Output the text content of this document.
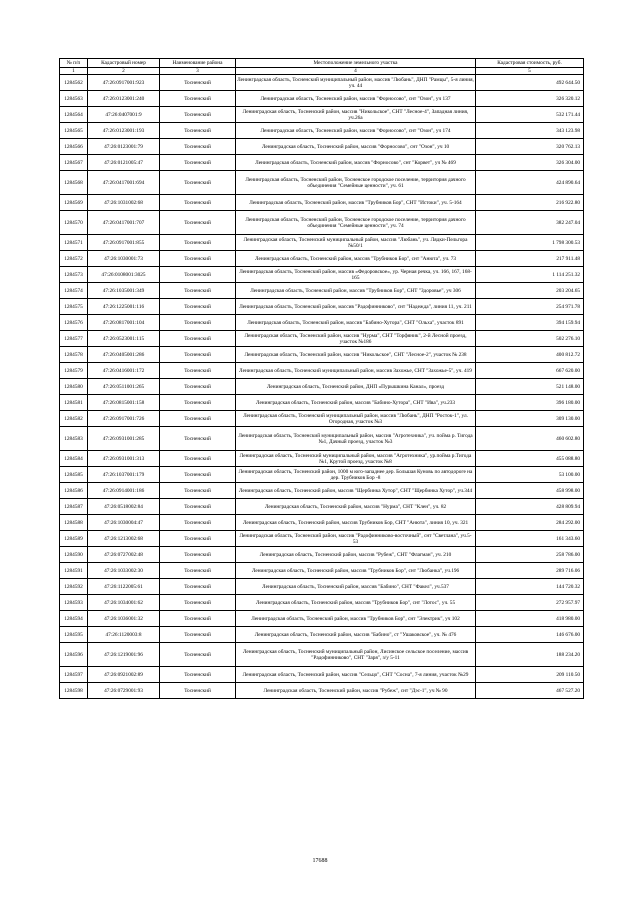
№ п/п	Кадастровый номер	Наименование района	Местоположение земельного участка	Кадастровая стоимость, руб.
1	2	3	4	5
1284562	47:26:0917001:923	Тосненский	Ленинградская область, Тосненский муниципальный район, массив "Любань", ДНП "Рамцы", 5-я линия, уч. 44	492 644.50
1284563	47:26:0123001:240	Тосненский	Ленинградская область, Тосненский район, массив "Форносово", снт "Озон", уч 137	326 320.12
1284564	47:26:0407001:9	Тосненский	Ленинградская область, Тосненский район, массив "Никольское", СНТ "Лесное-4", Западная линия, уч.26а	532 171.44
1284565	47:26:0123001:193	Тосненский	Ленинградская область, Тосненский район, массив "Форносово", снт "Озон", уч 174	343 123.98
1284566	47:26:0123001:79	Тосненский	Ленинградская область, Тосненский район, массив "Форносово", снт "Озон", уч 10	320 762.13
1284567	47:26:0121005:47	Тосненский	Ленинградская область, Тосненский район, массив "Форносово", снт "Корвет", уч № 469	326 304.00
1284568	47:26:0417001:694	Тосненский	Ленинградская область, Тосненский район, Тосненское городское поселение, территория дачного объединения "Семейные ценности", уч. 61	424 890.64
1284569	47:26:1031002:68	Тосненский	Ленинградская область, Тосненский район, массив "Трубников Бор", СНТ "Истоки", уч. 5-164	216 922.80
1284570	47:26:0417001:707	Тосненский	Ленинградская область, Тосненский район, Тосненское городское поселение, территория дачного объединения "Семейные ценности", уч. 74	382 247.04
1284571	47:26:0917001:855	Тосненский	Ленинградская область, Тосненский муниципальный район, массив "Любань", уч. Лядки-Пельгора №50/1	1 798 300.53
1284572	47:26:1030001:73	Тосненский	Ленинградская область, Тосненский район, массив "Трубников Бор", снт "Анюта", уч. 73	217 911.48
1284573	47:26:0108001:3025	Тосненский	Ленинградская область, Тосненский район, массив «Федоровское», ур. Черная речка, уч. 166, 167, 168-165	1 114 251.32
1284574	47:26:1035001:349	Тосненский	Ленинградская область, Тосненский район, массив "Трубников Бор", СНТ "Здоровье", уч 306	203 204.65
1284575	47:26:1225001:116	Тосненский	Ленинградская область, Тосненский район, массив "Радофинниково", снт "Надежда", линия 11, уч. 211	254 971.78
1284576	47:26:0817001:104	Тосненский	Ленинградская область, Тосненский район, массив "Бабино-Хутора", СНТ "Ольха", участок 891	394 159.94
1284577	47:26:0523001:115	Тосненский	Ленинградская область, Тосненский район, массив "Нурма", СНТ "Торфяник", 2-й Лесной проезд, участок №186	502 276.10
1284578	47:26:0405001:286	Тосненский	Ленинградская область, Тосненский район, массив "Никольское", СНТ "Лесное-2", участок № 238	400 812.72
1284579	47:26:0416001:172	Тосненский	Ленинградская область, Тосненский муниципальный район, массив Захожье, СНТ "Захожье-5", уч. 419	667 620.00
1284580	47:26:0511001:265	Тосненский	Ленинградская область, Тосненский район, ДНП «Пурышкина Канал», проезд	521 148.00
1284581	47:26:0815001:158	Тосненский	Ленинградская область, Тосненский район, массив "Бабино-Хутора", СНТ "Ива", уч.233	396 180.00
1284582	47:26:0917001:726	Тосненский	Ленинградская область, Тосненский муниципальный район, массив "Любань", ДНП "Росток-1", ул. Огородная, участок №3	309 130.00
1284583	47:26:0931001:285	Тосненский	Ленинградская область, Тосненский муниципальный район, массив "Агротехника", уч. пойма р. Тигода №1, Дачный проезд, участок №3	460 602.80
1284584	47:26:0931001:313	Тосненский	Ленинградская область, Тосненский муниципальный район, массив "Агротехника", ур.пойма р.Тигода №1, Крутой проезд, участок №8	455 088.80
1284585	47:26:1037001:179	Тосненский	Ленинградская область, Тосненский район, 1000 м юго-западнее дер. Большая Куновь по автодороге на дер. Трубников Бор -8	53 100.00
1284586	47:26:0914001:186	Тосненский	Ленинградская область, Тосненский район, массив "Щербинка Хутор", СНТ "Щербинка Хутор", уч.344	458 998.00
1284587	47:26:0518002:84	Тосненский	Ленинградская область, Тосненский район, массив "Нурма", СНТ "Клен", уч. 82	428 809.94
1284588	47:26:1030004:47	Тосненский	Ленинградская область, Тосненский район, массив Трубников Бор, СНТ "Анюта", линия 10, уч. 321	284 292.00
1284589	47:26:1213002:68	Тосненский	Ленинградская область, Тосненский район, массив "Радофинниково-восточный", снт "Светлана", уч.5-53	161 343.60
1284590	47:26:0727002:48	Тосненский	Ленинградская область, Тосненский район, массив "Рубеж", СНТ "Флагман", уч. 210	258 786.00
1284591	47:26:1033002:30	Тосненский	Ленинградская область, Тосненский район, массив "Трубников Бор", снт "Любанка", уч.196	289 716.06
1284592	47:26:1122005:61	Тосненский	Ленинградская область, Тосненский район, массив "Бабино", СНТ "Факел", уч.537	144 720.32
1284593	47:26:1034001:62	Тосненский	Ленинградская область, Тосненский район, массив "Трубников Бор", снт "Лотос", уч. 55	272 957.97
1284594	47:26:1036001:32	Тосненский	Ленинградская область, Тосненский район, массив "Трубников Бор", снт "Электрик", уч 102	418 980.00
1284595	47:26:1120003:8	Тосненский	Ленинградская область, Тосненский район, массив "Бабино", ст "Ушаковское", уч. № 476	146 676.00
1284596	47:26:1219001:96	Тосненский	Ленинградская область, Тосненский муниципальный район, Лисинское сельское поселение, массив "Радофинниково", СНТ "Заря", з/у 5-11	188 234.20
1284597	47:26:0921002:89	Тосненский	Ленинградская область, Тосненский район, массив "Сельцо", СНТ "Сосна", 7-я линия, участок №29	209 110.50
1284598	47:26:0729001:93	Тосненский	Ленинградская область, Тосненский район, массив "Рубеж", снт "Дэс-1", уч № 90	467 527.20
17688
